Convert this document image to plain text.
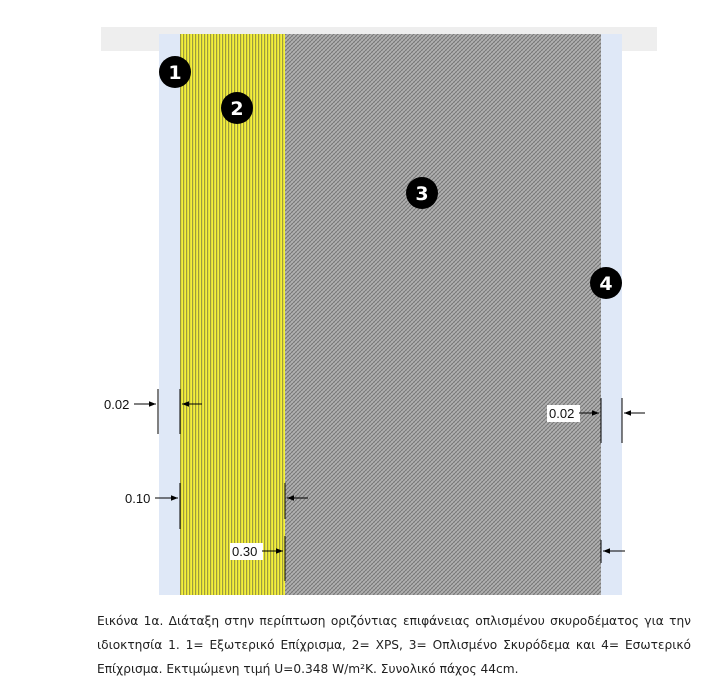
1
2
3
4
0.02
0.10
0.30
0.02
Εικόνα 1α. Διάταξη στην περίπτωση οριζόντιας επιφάνειας οπλισμένου σκυροδέματος για την ιδιοκτησία 1. 1= Εξωτερικό Επίχρισμα, 2= XPS, 3= Οπλισμένο Σκυρόδεμα και 4= Εσωτερικό Επίχρισμα. Εκτιμώμενη τιμή U=0.348 W/m²K. Συνολικό πάχος 44cm.
